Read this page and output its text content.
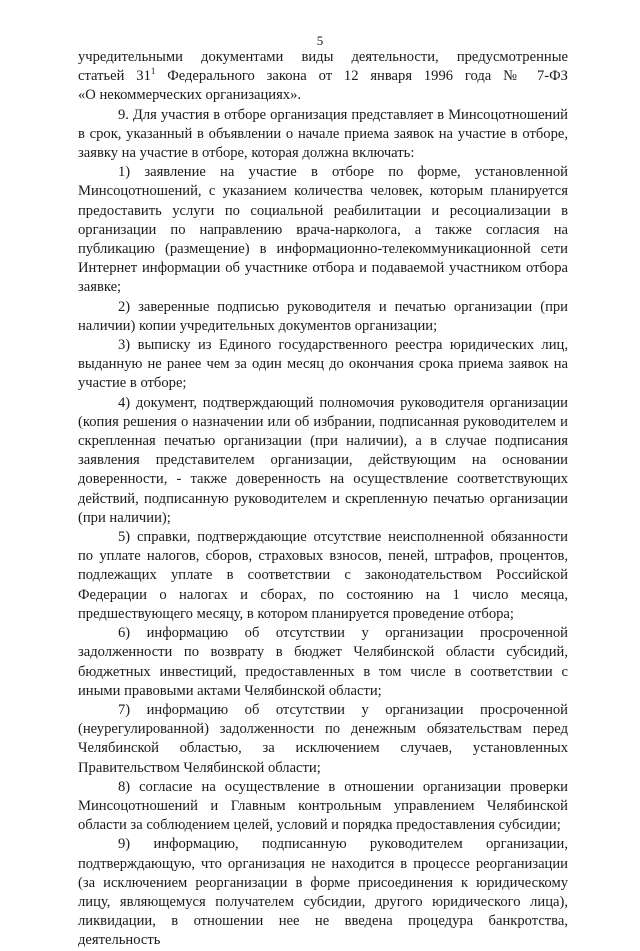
5

учредительными документами виды деятельности, предусмотренные

статьей $31^1$ Федерального закона от 12 января 1996 года № 7-ФЗ

«О некоммерческих организациях».

9. Для участия в отборе организация представляет в Минсоцотношений в срок, указанный в объявлении о начале приема заявок на участие в отборе, заявку на участие в отборе, которая должна включать:

1) заявление на участие в отборе по форме, установленной Минсоцотношений, с указанием количества человек, которым планируется предоставить услуги по социальной реабилитации и ресоциализации в организации по направлению врача-нарколога, а также согласия на публикацию (размещение) в информационно-телекоммуникационной сети Интернет информации об участнике отбора и подаваемой участником отбора заявке;

2) заверенные подписью руководителя и печатью организации (при наличии) копии учредительных документов организации;

3) выписку из Единого государственного реестра юридических лиц, выданную не ранее чем за один месяц до окончания срока приема заявок на участие в отборе;

4) документ, подтверждающий полномочия руководителя организации (копия решения о назначении или об избрании, подписанная руководителем и скрепленная печатью организации (при наличии), а в случае подписания заявления представителем организации, действующим на основании доверенности, - также доверенность на осуществление соответствующих действий, подписанную руководителем и скрепленную печатью организации (при наличии);

5) справки, подтверждающие отсутствие неисполненной обязанности по уплате налогов, сборов, страховых взносов, пеней, штрафов, процентов, подлежащих уплате в соответствии с законодательством Российской Федерации о налогах и сборах, по состоянию на 1 число месяца, предшествующего месяцу, в котором планируется проведение отбора;

6) информацию об отсутствии у организации просроченной задолженности по возврату в бюджет Челябинской области субсидий, бюджетных инвестиций, предоставленных в том числе в соответствии с иными правовыми актами Челябинской области;

7) информацию об отсутствии у организации просроченной (неурегулированной) задолженности по денежным обязательствам перед Челябинской областью, за исключением случаев, установленных Правительством Челябинской области;

8) согласие на осуществление в отношении организации проверки Минсоцотношений и Главным контрольным управлением Челябинской области за соблюдением целей, условий и порядка предоставления субсидии;

9) информацию, подписанную руководителем организации, подтверждающую, что организация не находится в процессе реорганизации (за исключением реорганизации в форме присоединения к юридическому лицу, являющемуся получателем субсидии, другого юридического лица), ликвидации, в отношении нее не введена процедура банкротства, деятельность
